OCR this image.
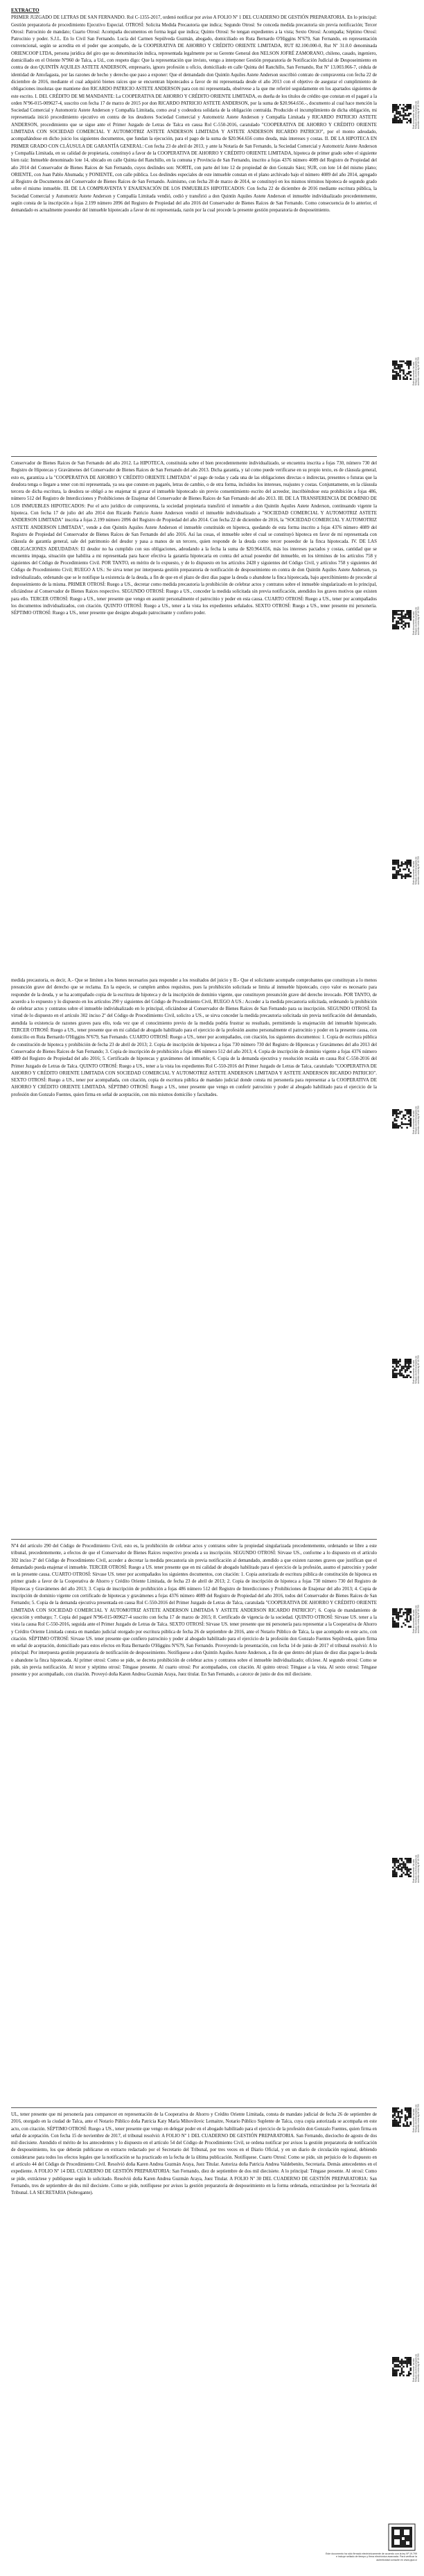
EXTRACTO

PRIMER JUZGADO DE LETRAS DE SAN FERNANDO. Rol C-1355-2017, ordenó notificar por aviso A FOLIO Nº 1 DEL CUADERNO DE GESTIÓN PREPARATORIA. En lo principal: Gestión preparatoria de procedimiento Ejecutivo Especial. OTROSÍ: Solicita Medida Precautoria que indica; Segundo Otrosí: Se conceda medida precautoria sin previa notificación; Tercer Otrosí: Patrocinio de mandato; Cuarto Otrosí: Acompaña documentos en forma legal que indica; Quinto Otrosí: Se tengan expedientes a la vista; Sexto Otrosí: Acompaña; Séptimo Otrosí: Patrocinio y poder. S.J.L. En lo Civil San Fernando. Lucía del Carmen Sepúlveda Guzmán, abogado, domiciliado en Ruta Bernardo O'Higgins Nº679, San Fernando, en representación convencional, según se acredita en el poder que acompaño, de la COOPERATIVA DE AHORRO Y CRÉDITO ORIENTE LIMITADA, RUT 82.100.000-0, Rut Nº 31.0.0 denominada ORIENCOOP LTDA, persona jurídica del giro que su denominación indica, representada legalmente por su Gerente General don NELSON JOFRÉ ZAMORANO, chileno, casado, ingeniero, domiciliado en el Oriente Nº960 de Talca, a Ud., con respeto digo: Que la representación que invisto, vengo a interponer Gestión preparatoria de Notificación Judicial de Desposeimiento en contra de don QUINTÍN AQUILES ASTETE ANDERSON, empresario, ignoro profesión u oficio, domiciliado en calle Quinta del Ranchillo, San Fernando, Rut Nº 13.003.066-7, cédula de identidad de Antofagasta, por las razones de hecho y derecho que paso a exponer: Que el demandado don Quintín Aquiles Astete Anderson suscribió contrato de compraventa con fecha 22 de diciembre de 2016, mediante el cual adquirió bienes raíces que se encuentran hipotecados a favor de mi representada desde el año 2013 con el objetivo de asegurar el cumplimiento de obligaciones insolutas que mantiene don RICARDO PATRICIO ASTETE ANDERSON para con mi representada, obsérvese a la que me referiré seguidamente en los apartados siguientes de este escrito. I. DEL CRÉDITO DE MI MANDANTE: La COOPERATIVA DE AHORRO Y CRÉDITO ORIENTE LIMITADA, es dueña de los títulos de crédito que constan en el pagaré a la orden Nº96-015-009627-4, suscrito con fecha 17 de marzo de 2015 por don RICARDO PATRICIO ASTETE ANDERSON, por la suma de $20.964.656.-, documento al cual hace mención la Sociedad Comercial y Automotriz Astete Anderson y Compañía Limitada, como aval y codeudora solidaria de la obligación contraída. Producido el incumplimiento de dicha obligación, mi representada inició procedimiento ejecutivo en contra de los deudores Sociedad Comercial y Automotriz Astete Anderson y Compañía Limitada y RICARDO PATRICIO ASTETE ANDERSON, procedimiento que se sigue ante el Primer Juzgado de Letras de Talca en causa Rol C-550-2016, caratulado "COOPERATIVA DE AHORRO Y CRÉDITO ORIENTE LIMITADA CON SOCIEDAD COMERCIAL Y AUTOMOTRIZ ASTETE ANDERSON LIMITADA Y ASTETE ANDERSON RICARDO PATRICIO", por el monto adeudado, acompañándose en dicho juicio los siguientes documentos, que fundan la ejecución, para el pago de la suma de $20.964.656 como deuda, más intereses y costas. II. DE LA HIPOTECA EN PRIMER GRADO CON CLÁUSULA DE GARANTÍA GENERAL: Con fecha 23 de abril de 2013, y ante la Notaría de San Fernando, la Sociedad Comercial y Automotriz Astete Anderson y Compañía Limitada, en su calidad de propietaria, constituyó a favor de la COOPERATIVA DE AHORRO Y CRÉDITO ORIENTE LIMITADA, hipoteca de primer grado sobre el siguiente bien raíz: Inmueble denominado lote 14, ubicado en calle Quinta del Ranchillo, en la comuna y Provincia de San Fernando, inscrito a fojas 4376 número 4089 del Registro de Propiedad del año 2014 del Conservador de Bienes Raíces de San Fernando, cuyos deslindes son: NORTE, con parte del lote 12 de propiedad de don Gonzalo Sáez; SUR, con lote 14 del mismo plano; ORIENTE, con Juan Pablo Ahumada; y PONIENTE, con calle pública. Los deslindes especiales de este inmueble constan en el plano archivado bajo el número 4089 del año 2014, agregado al Registro de Documentos del Conservador de Bienes Raíces de San Fernando. Asimismo, con fecha 28 de marzo de 2014, se constituyó en los mismos términos hipoteca de segundo grado sobre el mismo inmueble. III. DE LA COMPRAVENTA Y ENAJENACIÓN DE LOS INMUEBLES HIPOTECADOS: Con fecha 22 de diciembre de 2016 mediante escritura pública, la Sociedad Comercial y Automotriz Astete Anderson y Compañía Limitada vendió, cedió y transfirió a don Quintín Aquiles Astete Anderson el inmueble individualizado precedentemente, según consta de la inscripción a fojas 2.199 número 2096 del Registro de Propiedad del año 2016 del Conservador de Bienes Raíces de San Fernando. Como consecuencia de lo anterior, el demandado es actualmente poseedor del inmueble hipotecado a favor de mi representada, razón por la cual procede la presente gestión preparatoria de desposeimiento.

Conservador de Bienes Raíces de San Fernando del año 2012. La HIPOTECA, constituida sobre el bien precedentemente individualizado, se encuentra inscrita a fojas 730, número 730 del Registro de Hipotecas y Gravámenes del Conservador de Bienes Raíces de San Fernando del año 2013. Dicha garantía, y tal como puede verificarse en su propio texto, es de cláusula general, esto es, garantiza a la "COOPERATIVA DE AHORRO Y CRÉDITO ORIENTE LIMITADA" el pago de todas y cada una de las obligaciones directas o indirectas, presentes o futuras que la deudora tenga o llegare a tener con mi representada, ya sea que consten en pagarés, letras de cambio, o de otra forma, incluidos los intereses, reajustes y costas. Conjuntamente, en la cláusula tercera de dicha escritura, la deudora se obligó a no enajenar ni gravar el inmueble hipotecado sin previo consentimiento escrito del acreedor, inscribiéndose esta prohibición a fojas 486, número 512 del Registro de Interdicciones y Prohibiciones de Enajenar del Conservador de Bienes Raíces de San Fernando del año 2013. III. DE LA TRANSFERENCIA DE DOMINIO DE LOS INMUEBLES HIPOTECADOS: Por el acto jurídico de compraventa, la sociedad propietaria transfirió el inmueble a don Quintín Aquiles Astete Anderson, continuando vigente la hipoteca. Con fecha 17 de julio del año 2014 don Ricardo Patricio Astete Anderson vendió el inmueble individualizado a "SOCIEDAD COMERCIAL Y AUTOMOTRIZ ASTETE ANDERSON LIMITADA" inscrita a fojas 2.199 número 2096 del Registro de Propiedad del año 2014. Con fecha 22 de diciembre de 2016, la "SOCIEDAD COMERCIAL Y AUTOMOTRIZ ASTETE ANDERSON LIMITADA", vende a don Quintín Aquiles Astete Anderson el inmueble constituido en hipoteca, quedando de esta forma inscrito a fojas 4376 número 4089 del Registro de Propiedad del Conservador de Bienes Raíces de San Fernando del año 2016. Así las cosas, el inmueble sobre el cual se constituyó hipoteca en favor de mi representada con cláusula de garantía general, sale del patrimonio del deudor y pasa a manos de un tercero, quien responde de la deuda como tercer poseedor de la finca hipotecada. IV. DE LAS OBLIGACIONES ADEUDADAS: El deudor no ha cumplido con sus obligaciones, adeudando a la fecha la suma de $20.964.656, más los intereses pactados y costas, cantidad que se encuentra impaga, situación que habilita a mi representada para hacer efectiva la garantía hipotecaria en contra del actual poseedor del inmueble, en los términos de los artículos 758 y siguientes del Código de Procedimiento Civil. POR TANTO, en mérito de lo expuesto, y de lo dispuesto en los artículos 2428 y siguientes del Código Civil, y artículos 758 y siguientes del Código de Procedimiento Civil; RUEGO A US.: Se sirva tener por interpuesta gestión preparatoria de notificación de desposeimiento en contra de don Quintín Aquiles Astete Anderson, ya individualizado, ordenando que se le notifique la existencia de la deuda, a fin de que en el plazo de diez días pague la deuda o abandone la finca hipotecada, bajo apercibimiento de proceder al desposeimiento de la misma. PRIMER OTROSÍ: Ruego a US., decretar como medida precautoria la prohibición de celebrar actos y contratos sobre el inmueble singularizado en lo principal, oficiándose al Conservador de Bienes Raíces respectivo. SEGUNDO OTROSÍ: Ruego a US., conceder la medida solicitada sin previa notificación, atendidos los graves motivos que existen para ello. TERCER OTROSÍ: Ruego a US., tener presente que vengo en asumir personalmente el patrocinio y poder en esta causa. CUARTO OTROSÍ: Ruego a US., tener por acompañados los documentos individualizados, con citación. QUINTO OTROSÍ: Ruego a US., tener a la vista los expedientes señalados. SEXTO OTROSÍ: Ruego a US., tener presente mi personería. SÉPTIMO OTROSÍ: Ruego a US., tener presente que designo abogado patrocinante y confiero poder.

medida precautoria, es decir, A.- Que se limiten a los bienes necesarios para responder a los resultados del juicio y B.- Que el solicitante acompañe comprobantes que constituyan a lo menos presunción grave del derecho que se reclama. En la especie, se cumplen ambos requisitos, pues la prohibición solicitada se limita al inmueble hipotecado, cuyo valor es necesario para responder de la deuda, y se ha acompañado copia de la escritura de hipoteca y de la inscripción de dominio vigente, que constituyen presunción grave del derecho invocado. POR TANTO, de acuerdo a lo expuesto y lo dispuesto en los artículos 290 y siguientes del Código de Procedimiento Civil, RUEGO A US.: Acceder a la medida precautoria solicitada, ordenando la prohibición de celebrar actos y contratos sobre el inmueble individualizado en lo principal, oficiándose al Conservador de Bienes Raíces de San Fernando para su inscripción. SEGUNDO OTROSÍ: En virtud de lo dispuesto en el artículo 302 inciso 2º del Código de Procedimiento Civil, solicito a US., se sirva conceder la medida precautoria solicitada sin previa notificación del demandado, atendida la existencia de razones graves para ello, toda vez que el conocimiento previo de la medida podría frustrar su resultado, permitiendo la enajenación del inmueble hipotecado. TERCER OTROSÍ: Ruego a US., tener presente que en mi calidad de abogado habilitado para el ejercicio de la profesión asumo personalmente el patrocinio y poder en la presente causa, con domicilio en Ruta Bernardo O'Higgins Nº679, San Fernando. CUARTO OTROSÍ: Ruego a US., tener por acompañados, con citación, los siguientes documentos: 1. Copia de escritura pública de constitución de hipoteca y prohibición de fecha 23 de abril de 2013; 2. Copia de inscripción de hipoteca a fojas 730 número 730 del Registro de Hipotecas y Gravámenes del año 2013 del Conservador de Bienes Raíces de San Fernando; 3. Copia de inscripción de prohibición a fojas 486 número 512 del año 2013; 4. Copia de inscripción de dominio vigente a fojas 4376 número 4089 del Registro de Propiedad del año 2016; 5. Certificado de hipotecas y gravámenes del inmueble; 6. Copia de la demanda ejecutiva y resolución recaída en causa Rol C-550-2016 del Primer Juzgado de Letras de Talca. QUINTO OTROSÍ: Ruego a US., tener a la vista los expedientes Rol C-550-2016 del Primer Juzgado de Letras de Talca, caratulado "COOPERATIVA DE AHORRO Y CRÉDITO ORIENTE LIMITADA CON SOCIEDAD COMERCIAL Y AUTOMOTRIZ ASTETE ANDERSON LIMITADA Y ASTETE ANDERSON RICARDO PATRICIO". SEXTO OTROSÍ: Ruego a US., tener por acompañada, con citación, copia de escritura pública de mandato judicial donde consta mi personería para representar a la COOPERATIVA DE AHORRO Y CRÉDITO ORIENTE LIMITADA. SÉPTIMO OTROSÍ: Ruego a US., tener presente que vengo en conferir patrocinio y poder al abogado habilitado para el ejercicio de la profesión don Gonzalo Fuentes, quien firma en señal de aceptación, con mis mismos domicilio y facultades.

Nº4 del artículo 290 del Código de Procedimiento Civil, esto es, la prohibición de celebrar actos y contratos sobre la propiedad singularizada precedentemente, ordenando se libre a este tribunal, precedentemente, a efectos de que el Conservador de Bienes Raíces respectivo proceda a su inscripción. SEGUNDO OTROSÍ: Sírvase US., conforme a lo dispuesto en el artículo 302 inciso 2º del Código de Procedimiento Civil, acceder a decretar la medida precautoria sin previa notificación al demandado, atendido a que existen razones graves que justifican que el demandado pueda enajenar el inmueble. TERCER OTROSÍ: Ruego a US. tener presente que en mi calidad de abogado habilitado para el ejercicio de la profesión, asumo el patrocinio y poder en la presente causa. CUARTO OTROSÍ: Sírvase US. tener por acompañados los siguientes documentos, con citación: 1. Copia autorizada de escritura pública de constitución de hipoteca en primer grado a favor de la Cooperativa de Ahorro y Crédito Oriente Limitada, de fecha 23 de abril de 2013; 2. Copia de inscripción de hipoteca a fojas 730 número 730 del Registro de Hipotecas y Gravámenes del año 2013; 3. Copia de inscripción de prohibición a fojas 486 número 512 del Registro de Interdicciones y Prohibiciones de Enajenar del año 2013; 4. Copia de inscripción de dominio vigente con certificado de hipotecas y gravámenes a fojas 4376 número 4089 del Registro de Propiedad del año 2016, todos del Conservador de Bienes Raíces de San Fernando; 5. Copia de la demanda ejecutiva presentada en causa Rol C-550-2016 del Primer Juzgado de Letras de Talca, caratulada "COOPERATIVA DE AHORRO Y CRÉDITO ORIENTE LIMITADA CON SOCIEDAD COMERCIAL Y AUTOMOTRIZ ASTETE ANDERSON LIMITADA Y ASTETE ANDERSON RICARDO PATRICIO"; 6. Copia de mandamiento de ejecución y embargo; 7. Copia del pagaré Nº96-015-009627-4 suscrito con fecha 17 de marzo de 2015; 8. Certificado de vigencia de la sociedad. QUINTO OTROSÍ: Sírvase US. tener a la vista la causa Rol C-550-2016, seguida ante el Primer Juzgado de Letras de Talca. SEXTO OTROSÍ: Sírvase US. tener presente que mi personería para representar a la Cooperativa de Ahorro y Crédito Oriente Limitada consta en mandato judicial otorgado por escritura pública de fecha 26 de septiembre de 2016, ante el Notario Público de Talca, la que acompaño en este acto, con citación. SÉPTIMO OTROSÍ: Sírvase US. tener presente que confiero patrocinio y poder al abogado habilitado para el ejercicio de la profesión don Gonzalo Fuentes Sepúlveda, quien firma en señal de aceptación, domiciliado para estos efectos en Ruta Bernardo O'Higgins Nº679, San Fernando. Proveyendo la presentación, con fecha 14 de junio de 2017 el tribunal resolvió: A lo principal: Por interpuesta gestión preparatoria de notificación de desposeimiento. Notifíquese a don Quintín Aquiles Astete Anderson, a fin de que dentro del plazo de diez días pague la deuda o abandone la finca hipotecada. Al primer otrosí: Como se pide, se decreta prohibición de celebrar actos y contratos sobre el inmueble individualizado; ofíciese. Al segundo otrosí: Como se pide, sin previa notificación. Al tercer y séptimo otrosí: Téngase presente. Al cuarto otrosí: Por acompañados, con citación. Al quinto otrosí: Téngase a la vista. Al sexto otrosí: Téngase presente y por acompañado, con citación. Proveyó doña Karen Andrea Guzmán Araya, Juez titular. En San Fernando, a catorce de junio de dos mil diecisiete.

UL, tener presente que mi personería para comparecer en representación de la Cooperativa de Ahorro y Crédito Oriente Limitada, consta de mandato judicial de fecha 26 de septiembre de 2016, otorgado en la ciudad de Talca, ante el Notario Público doña Patricia Katy María Mihovilovic Lemaitre, Notario Público Suplente de Talca, cuya copia autorizada se acompaña en este acto, con citación. SÉPTIMO OTROSÍ: Ruego a US., tener presente que vengo en delegar poder en el abogado habilitado para el ejercicio de la profesión don Gonzalo Fuentes, quien firma en señal de aceptación. Con fecha 15 de noviembre de 2017, el tribunal resolvió: A FOLIO Nº 1 DEL CUADERNO DE GESTIÓN PREPARATORIA. San Fernando, dieciocho de agosto de dos mil diecisiete. Atendido el mérito de los antecedentes y lo dispuesto en el artículo 54 del Código de Procedimiento Civil, se ordena notificar por avisos la gestión preparatoria de notificación de desposeimiento, los que deberán publicarse en extracto redactado por el Secretario del Tribunal, por tres veces en el Diario Oficial, y en un diario de circulación regional, debiendo considerarse para todos los efectos legales que la notificación se ha practicado en la fecha de la última publicación. Notifíquese. Cuarto Otrosí: Como se pide, sin perjuicio de lo dispuesto en el artículo 44 del Código de Procedimiento Civil. Resolvió doña Karen Andrea Guzmán Araya, Juez Titular. Autoriza doña Patricia Andrea Valdebenito, Secretaria. Demás antecedentes en el expediente. A FOLIO Nº 14 DEL CUADERNO DE GESTIÓN PREPARATORIA: San Fernando, diez de septiembre de dos mil diecisiete. A lo principal: Téngase presente. Al otrosí: Como se pide, extráctese y publíquese según lo solicitado. Resolvió doña Karen Andrea Guzmán Araya, Juez Titular. A FOLIO Nº 30 DEL CUADERNO DE GESTIÓN PREPARATORIA: San Fernando, tres de septiembre de dos mil diecisiete. Como se pide, notifíquese por avisos la gestión preparatoria de desposeimiento en la forma ordenada, extractándose por la Secretaria del Tribunal. LA SECRETARIA (Subrogante).

Este documento ha sido firmado electrónicamente de acuerdo con la ley Nº 19.799
Este documento ha sido firmado electrónicamente de acuerdo con la ley Nº 19.799
Este documento ha sido firmado electrónicamente de acuerdo con la ley Nº 19.799
Este documento ha sido firmado electrónicamente de acuerdo con la ley Nº 19.799
Este documento ha sido firmado electrónicamente de acuerdo con la ley Nº 19.799
Este documento ha sido firmado electrónicamente de acuerdo con la ley Nº 19.799
Este documento ha sido firmado electrónicamente de acuerdo con la ley Nº 19.799
Este documento ha sido firmado electrónicamente de acuerdo con la ley Nº 19.799
Este documento ha sido firmado electrónicamente de acuerdo con la ley Nº 19.799
Este documento ha sido firmado electrónicamente de acuerdo con la ley Nº 19.799
Este documento ha sido firmado electrónicamente de acuerdo con la ley Nº 19.799 e incluye sellado de tiempo y firma electrónica avanzada. Para verificar la autenticidad consulte en www.pjud.cl
